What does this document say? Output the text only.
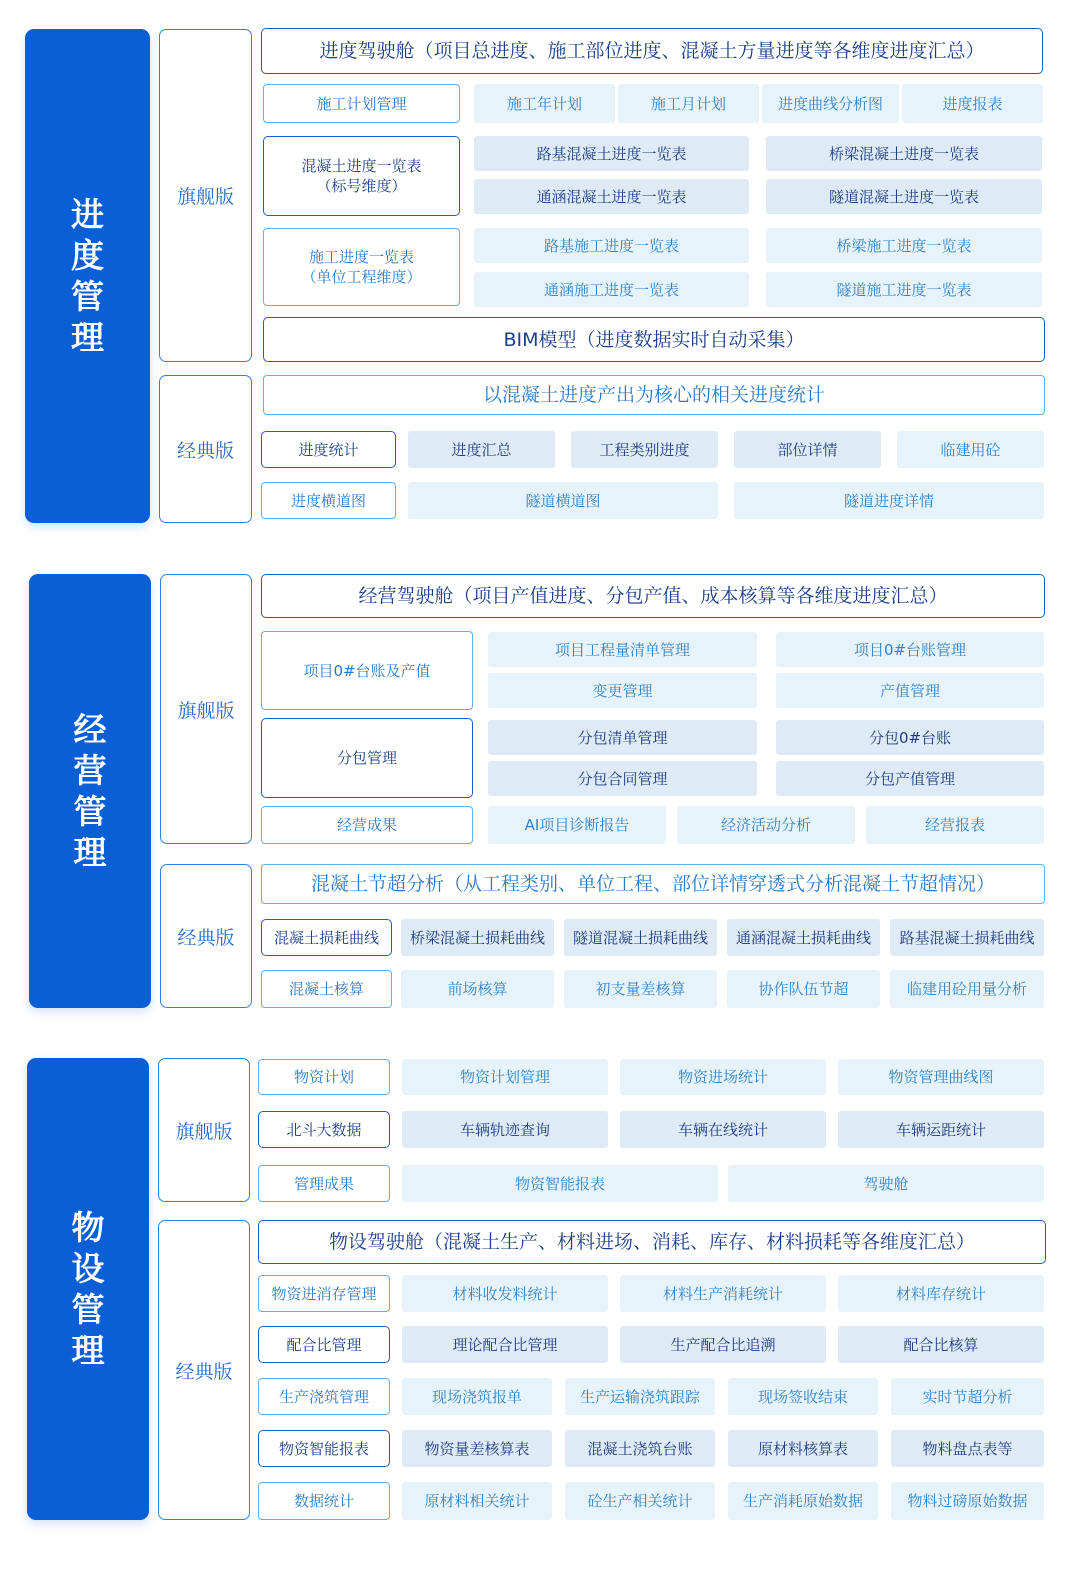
进度管理
旗舰版
经典版
进度驾驶舱（项目总进度、施工部位进度、混凝土方量进度等各维度进度汇总）
施工计划管理	施工年计划	施工月计划	进度曲线分析图	进度报表
混凝土进度一览表
（标号维度）
路基混凝土进度一览表	桥梁混凝土进度一览表
通涵混凝土进度一览表	隧道混凝土进度一览表
施工进度一览表
（单位工程维度）
路基施工进度一览表	桥梁施工进度一览表
通涵施工进度一览表	隧道施工进度一览表
BIM模型（进度数据实时自动采集）
以混凝土进度产出为核心的相关进度统计
进度统计	进度汇总	工程类别进度	部位详情	临建用砼
进度横道图	隧道横道图	隧道进度详情
经营管理
旗舰版
经典版
经营驾驶舱（项目产值进度、分包产值、成本核算等各维度进度汇总）
项目0#台账及产值
项目工程量清单管理	项目0#台账管理
变更管理	产值管理
分包管理
分包清单管理	分包0#台账
分包合同管理	分包产值管理
经营成果	AI项目诊断报告	经济活动分析	经营报表
混凝土节超分析（从工程类别、单位工程、部位详情穿透式分析混凝土节超情况）
混凝土损耗曲线	桥梁混凝土损耗曲线	隧道混凝土损耗曲线	通涵混凝土损耗曲线	路基混凝土损耗曲线
混凝土核算	前场核算	初支量差核算	协作队伍节超	临建用砼用量分析
物设管理
旗舰版
经典版
物资计划	物资计划管理	物资进场统计	物资管理曲线图
北斗大数据	车辆轨迹查询	车辆在线统计	车辆运距统计
管理成果	物资智能报表	驾驶舱
物设驾驶舱（混凝土生产、材料进场、消耗、库存、材料损耗等各维度汇总）
物资进消存管理	材料收发料统计	材料生产消耗统计	材料库存统计
配合比管理	理论配合比管理	生产配合比追溯	配合比核算
生产浇筑管理	现场浇筑报单	生产运输浇筑跟踪	现场签收结束	实时节超分析
物资智能报表	物资量差核算表	混凝土浇筑台账	原材料核算表	物料盘点表等
数据统计	原材料相关统计	砼生产相关统计	生产消耗原始数据	物料过磅原始数据
